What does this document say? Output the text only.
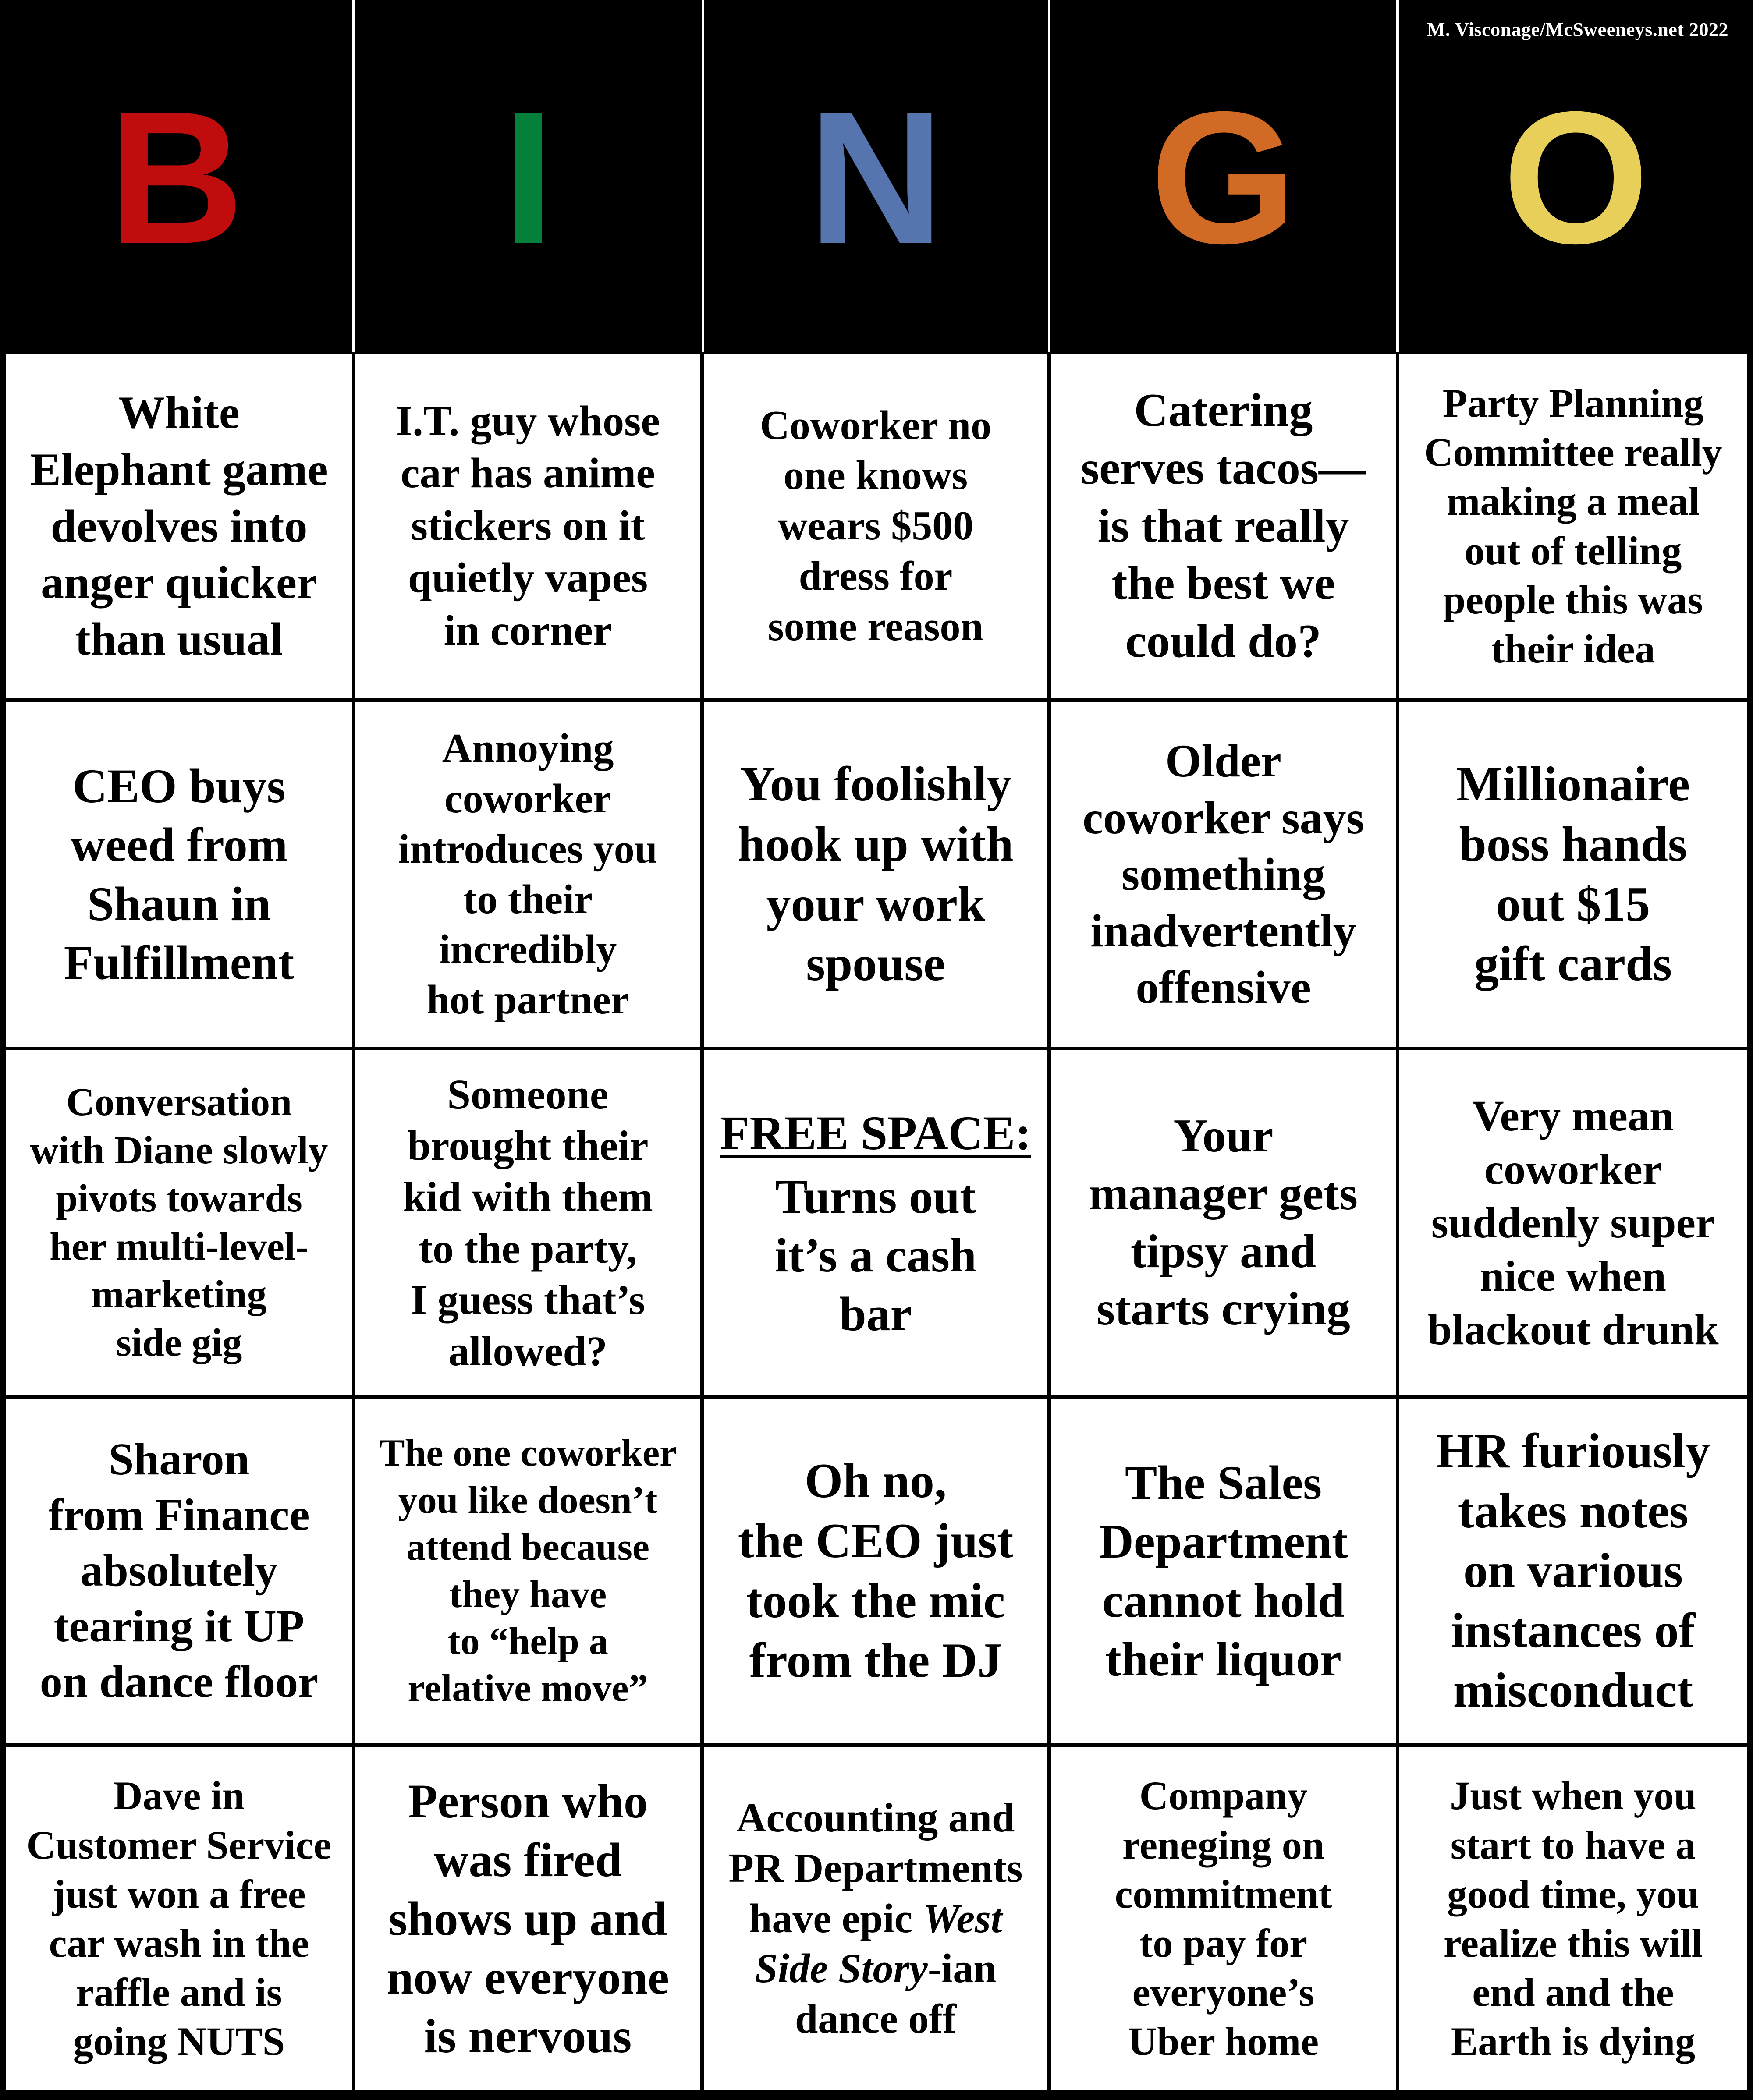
B I N G O
M. Visconage/McSweeneys.net 2022
White
Elephant game
devolves into
anger quicker
than usual
I.T. guy whose
car has anime
stickers on it
quietly vapes
in corner
Coworker no
one knows
wears $500
dress for
some reason
Catering
serves tacos—
is that really
the best we
could do?
Party Planning
Committee really
making a meal
out of telling
people this was
their idea
CEO buys
weed from
Shaun in
Fulfillment
Annoying
coworker
introduces you
to their
incredibly
hot partner
You foolishly
hook up with
your work
spouse
Older
coworker says
something
inadvertently
offensive
Millionaire
boss hands
out $15
gift cards
Conversation
with Diane slowly
pivots towards
her multi-level-
marketing
side gig
Someone
brought their
kid with them
to the party,
I guess that’s
allowed?
FREE SPACE:
Turns out
it’s a cash
bar
Your
manager gets
tipsy and
starts crying
Very mean
coworker
suddenly super
nice when
blackout drunk
Sharon
from Finance
absolutely
tearing it UP
on dance floor
The one coworker
you like doesn’t
attend because
they have
to “help a
relative move”
Oh no,
the CEO just
took the mic
from the DJ
The Sales
Department
cannot hold
their liquor
HR furiously
takes notes
on various
instances of
misconduct
Dave in
Customer Service
just won a free
car wash in the
raffle and is
going NUTS
Person who
was fired
shows up and
now everyone
is nervous
Accounting and
PR Departments
have epic West
Side Story-ian
dance off
Company
reneging on
commitment
to pay for
everyone’s
Uber home
Just when you
start to have a
good time, you
realize this will
end and the
Earth is dying
